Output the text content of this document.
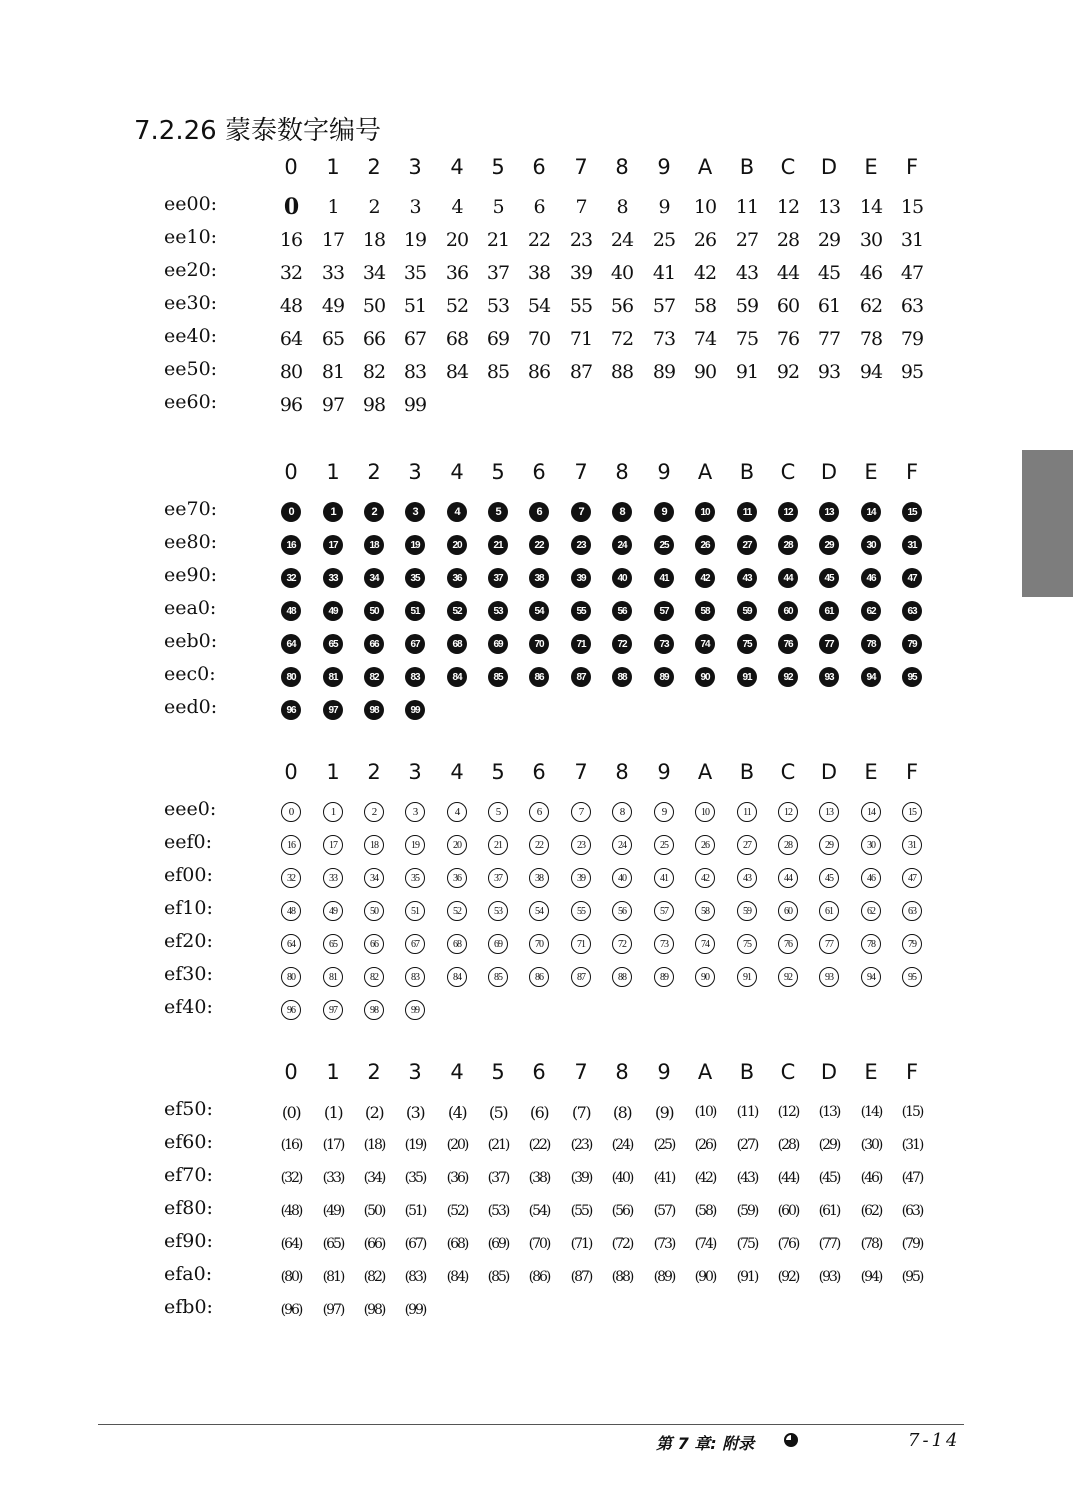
7.2.26 蒙泰数字编号
0	1	2	3	4	5	6	7	8	9	A	B	C	D	E	F
ee00:	0	1	2	3	4	5	6	7	8	9	10	11 12 13	14 15
ee10:	16	17 18 19	20 21 22	23 24	25 26	27 28 29	30 31
ee20:	32	33 34 35	36 37 38	39 40	41 42	43 44 45	46 47
ee30:	48	49 50 51	52 53 54	55 56	57 58	59 60 61	62 63
ee40:	64	65 66 67	68 69 70	71 72	73 74	75 76 77	78 79
ee50:	80	81 82 83	84 85 86	87 88	89 90	91 92 93	94 95
ee60:	96	97 98 99
0	1	2	3	4	5	6	7	8	9	A	B	C	D	E	F
ee70:	0	1	2	3	4	5	6	7	8	9	10	11	12	13	14	15
ee80:	16	17	18	19	20	21	22	23	24	25	26	27	28	29	30	31
ee90:	32	33	34	35	36	37	38	39	40	41	42	43	44	45	46	47
eea0:	48	49	50	51	52	53	54	55	56	57	58	59	60	61	62	63
eeb0:	64	65	66	67	68	69	70	71	72	73	74	75	76	77	78	79
eec0:	80	81	82	83	84	85	86	87	88	89	90	91	92	93	94	95
eed0:	96	97	98	99
0	1	2	3	4	5	6	7	8	9	A	B	C	D	E	F
eee0:	0	1	2	3	4	5	6	7	8	9	10	11	12	13	14	15
eef0:	16	17	18	19	20	21	22	23	24	25	26	27	28	29	30	31
ef00:	32	33	34	35	36	37	38	39	40	41	42	43	44	45	46	47
ef10:	48	49	50	51	52	53	54	55	56	57	58	59	60	61	62	63
ef20:	64	65	66	67	68	69	70	71	72	73	74	75	76	77	78	79
ef30:	80	81	82	83	84	85	86	87	88	89	90	91	92	93	94	95
ef40:	96	97	98	99
0	1	2	3	4	5	6	7	8	9	A	B	C	D	E	F
ef50:	(0)	(1)	(2)	(3)	(4)	(5)	(6)	(7)	(8)	(9)	(10)	(11)	(12)	(13)	(14)	(15)
ef60:	(16)	(17)	(18)	(19)	(20)	(21)	(22)	(23)	(24)	(25)	(26)	(27)	(28)	(29)	(30)	(31)
ef70:	(32)	(33)	(34)	(35)	(36)	(37)	(38)	(39)	(40)	(41)	(42)	(43)	(44)	(45)	(46)	(47)
ef80:	(48)	(49)	(50)	(51)	(52)	(53)	(54)	(55)	(56)	(57)	(58)	(59)	(60)	(61)	(62)	(63)
ef90:	(64)	(65)	(66)	(67)	(68)	(69)	(70)	(71)	(72)	(73)	(74)	(75)	(76)	(77)	(78)	(79)
efa0:	(80)	(81)	(82)	(83)	(84)	(85)	(86)	(87)	(88)	(89)	(90)	(91)	(92)	(93)	(94)	(95)
efb0:	(96)	(97)	(98)	(99)
第 7 章: 附录	7-14
